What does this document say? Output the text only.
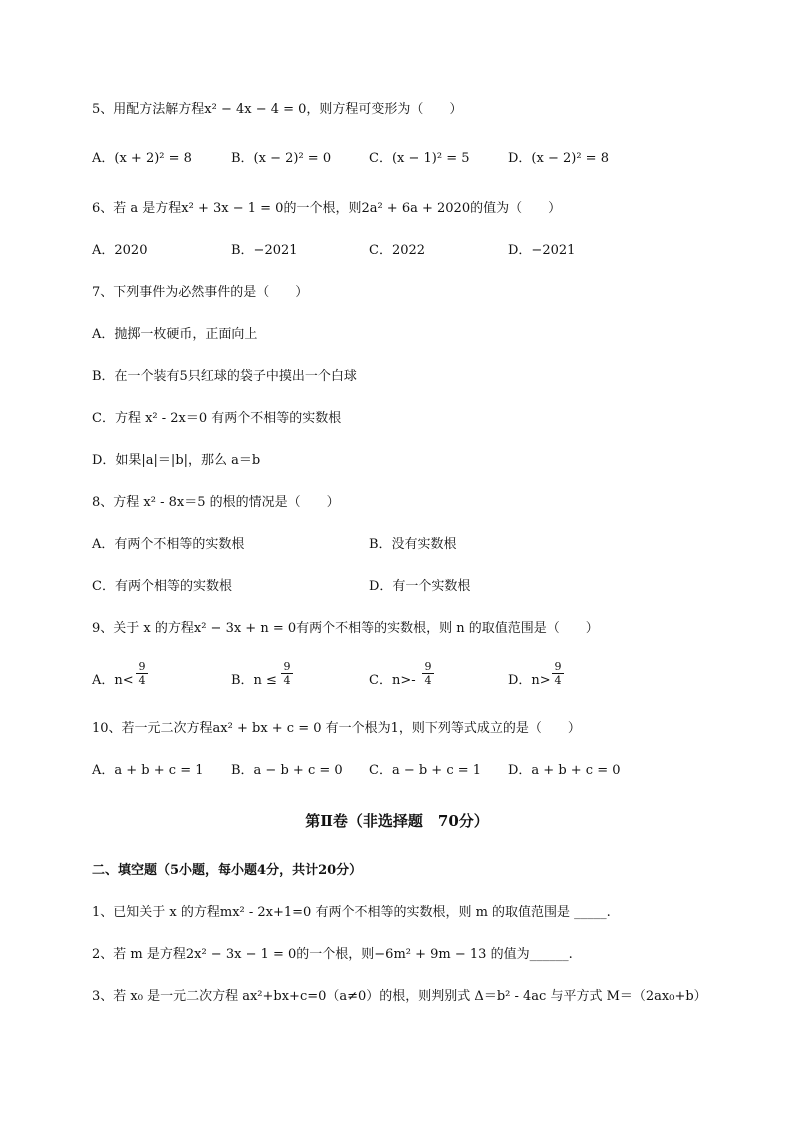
5、用配方法解方程x² − 4x − 4 = 0，则方程可变形为（　　）
A．(x + 2)² = 8	B．(x − 2)² = 0	C．(x − 1)² = 5	D．(x − 2)² = 8
6、若 a 是方程x² + 3x − 1 = 0的一个根，则2a² + 6a + 2020的值为（　　）
A．2020	B．−2021	C．2022	D．−2021
7、下列事件为必然事件的是（　　）
A．抛掷一枚硬币，正面向上
B．在一个装有5只红球的袋子中摸出一个白球
C．方程 x² - 2x＝0 有两个不相等的实数根
D．如果|a|＝|b|，那么 a＝b
8、方程 x² - 8x＝5 的根的情况是（　　）
A．有两个不相等的实数根	B．没有实数根
C．有两个相等的实数根	D．有一个实数根
9、关于 x 的方程x² − 3x + n = 0有两个不相等的实数根，则 n 的取值范围是（　　）
A．$n< \frac{9}{4}$	B．$n \le \frac{9}{4}$	C．$n>- \frac{9}{4}$	D．$n> \frac{9}{4}$
10、若一元二次方程ax² + bx + c = 0 有一个根为1，则下列等式成立的是（　　）
A．a + b + c = 1 B．a − b + c = 0 C．a − b + c = 1 D．a + b + c = 0
第Ⅱ卷（非选择题　70分）
二、填空题（5小题，每小题4分，共计20分）
1、已知关于 x 的方程mx² - 2x+1=0 有两个不相等的实数根，则 m 的取值范围是 _____.
2、若 m 是方程2x² − 3x − 1 = 0的一个根，则−6m² + 9m − 13 的值为______.
3、若 x₀ 是一元二次方程 ax²+bx+c=0（a≠0）的根，则判别式 Δ＝b² - 4ac 与平方式 M＝（2ax₀+b）
